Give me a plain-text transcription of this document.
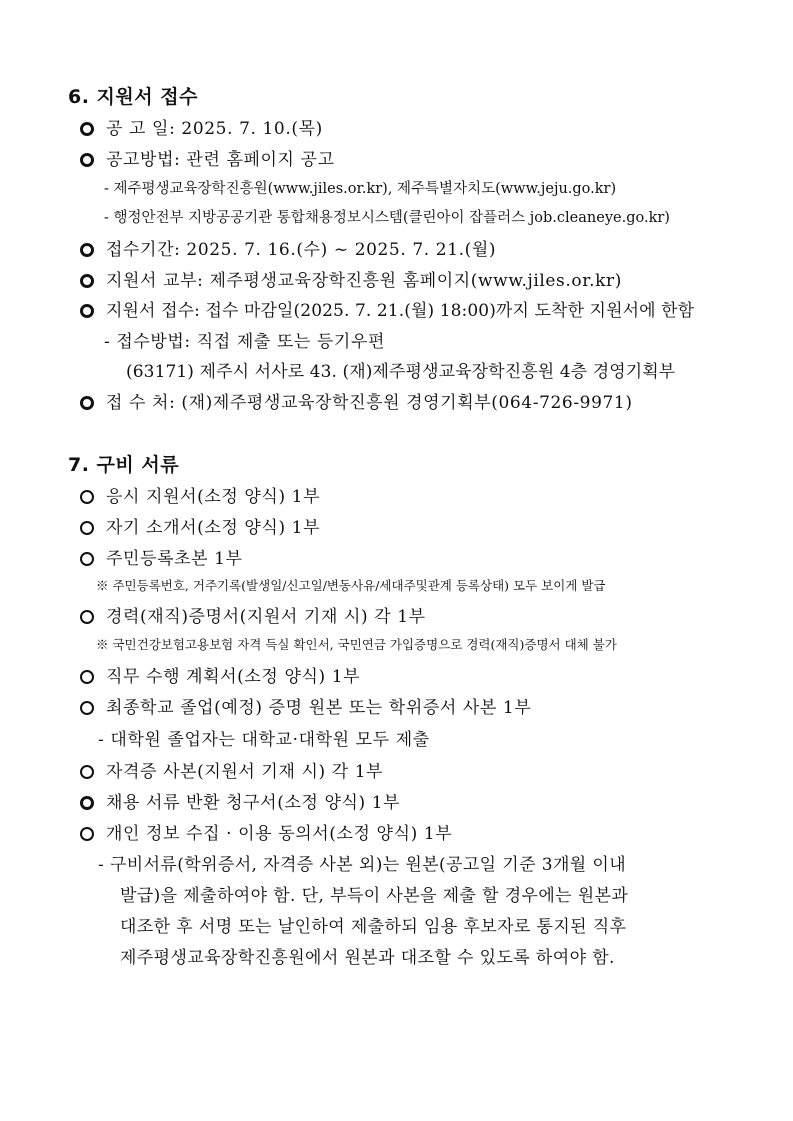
6. 지원서 접수
공 고 일: 2025. 7. 10.(목)
공고방법: 관련 홈페이지 공고
- 제주평생교육장학진흥원(www.jiles.or.kr), 제주특별자치도(www.jeju.go.kr)
- 행정안전부 지방공공기관 통합채용정보시스템(클린아이 잡플러스 job.cleaneye.go.kr)
접수기간: 2025. 7. 16.(수) ~ 2025. 7. 21.(월)
지원서 교부: 제주평생교육장학진흥원 홈페이지(www.jiles.or.kr)
지원서 접수: 접수 마감일(2025. 7. 21.(월) 18:00)까지 도착한 지원서에 한함
- 접수방법: 직접 제출 또는 등기우편
(63171) 제주시 서사로 43. (재)제주평생교육장학진흥원 4층 경영기획부
접 수 처: (재)제주평생교육장학진흥원 경영기획부(064-726-9971)
7. 구비 서류
응시 지원서(소정 양식) 1부
자기 소개서(소정 양식) 1부
주민등록초본 1부
※ 주민등록번호, 거주기록(발생일/신고일/변동사유/세대주및관계 등록상태) 모두 보이게 발급
경력(재직)증명서(지원서 기재 시) 각 1부
※ 국민건강보험고용보험 자격 득실 확인서, 국민연금 가입증명으로 경력(재직)증명서 대체 불가
직무 수행 계획서(소정 양식) 1부
최종학교 졸업(예정) 증명 원본 또는 학위증서 사본 1부
- 대학원 졸업자는 대학교·대학원 모두 제출
자격증 사본(지원서 기재 시) 각 1부
채용 서류 반환 청구서(소정 양식) 1부
개인 정보 수집 · 이용 동의서(소정 양식) 1부
- 구비서류(학위증서, 자격증 사본 외)는 원본(공고일 기준 3개월 이내
발급)을 제출하여야 함. 단, 부득이 사본을 제출 할 경우에는 원본과
대조한 후 서명 또는 날인하여 제출하되 임용 후보자로 통지된 직후
제주평생교육장학진흥원에서 원본과 대조할 수 있도록 하여야 함.
